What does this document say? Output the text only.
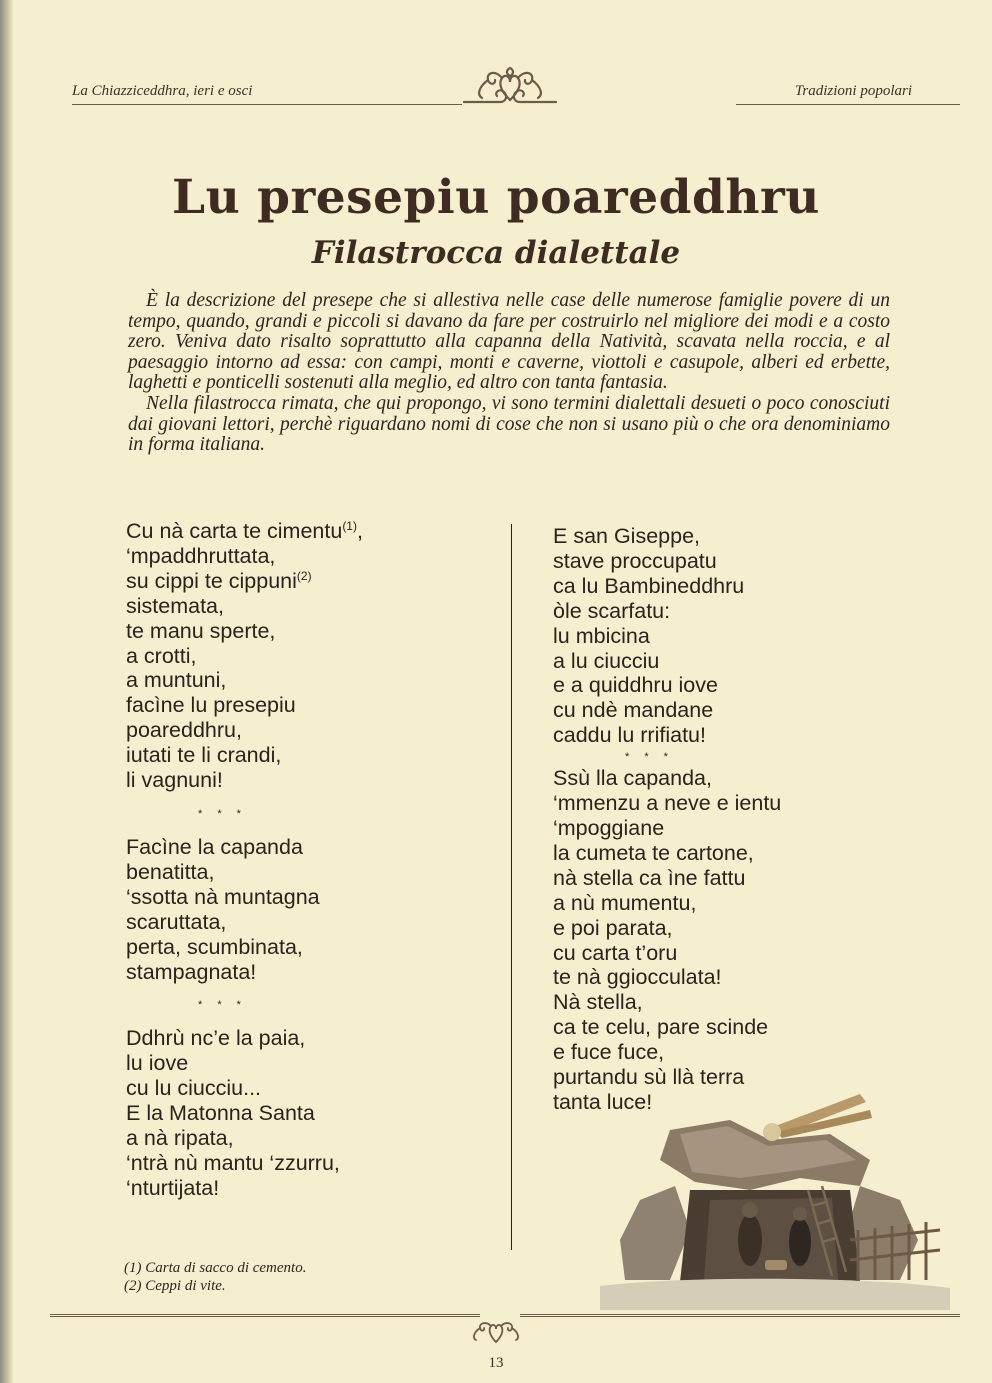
La Chiazziceddhra, ieri e osci	Tradizioni popolari
Lu presepiu poareddhru
Filastrocca dialettale

È la descrizione del presepe che si allestiva nelle case delle numerose famiglie povere di un tempo, quando, grandi e piccoli si davano da fare per costruirlo nel migliore dei modi e a costo zero. Veniva dato risalto soprattutto alla capanna della Natività, scavata nella roccia, e al paesaggio intorno ad essa: con campi, monti e caverne, viottoli e casupole, alberi ed erbette, laghetti e ponticelli sostenuti alla meglio, ed altro con tanta fantasia.

Nella filastrocca rimata, che qui propongo, vi sono termini dialettali desueti o poco conosciuti dai giovani lettori, perchè riguardano nomi di cose che non si usano più o che ora denominiamo in forma italiana.

Cu nà carta te cimentu$^{(1)}$,
‘mpaddhruttata,
su cippi te cippuni$^{(2)}$
sistemata,
te manu sperte,
a crotti,
a muntuni,
facìne lu presepiu
poareddhru,
iutati te li crandi,
li vagnuni!
* * *
Facìne la capanda
benatitta,
‘ssotta nà muntagna
scaruttata,
perta, scumbinata,
stampagnata!
* * *
Ddhrù nc’e la paia,
lu iove
cu lu ciucciu...
E la Matonna Santa
a nà ripata,
‘ntrà nù mantu ‘zzurru,
‘nturtijata!
E san Giseppe,
stave proccupatu
ca lu Bambineddhru
òle scarfatu:
lu mbicina
a lu ciucciu
e a quiddhru iove
cu ndè mandane
caddu lu rrifiatu!
* * *
Ssù lla capanda,
‘mmenzu a neve e ientu
‘mpoggiane
la cumeta te cartone,
nà stella ca ìne fattu
a nù mumentu,
e poi parata,
cu carta t’oru
te nà ggiocculata!
Nà stella,
ca te celu, pare scinde
e fuce fuce,
purtandu sù llà terra
tanta luce!
(1) Carta di sacco di cemento.
(2) Ceppi di vite.
13
